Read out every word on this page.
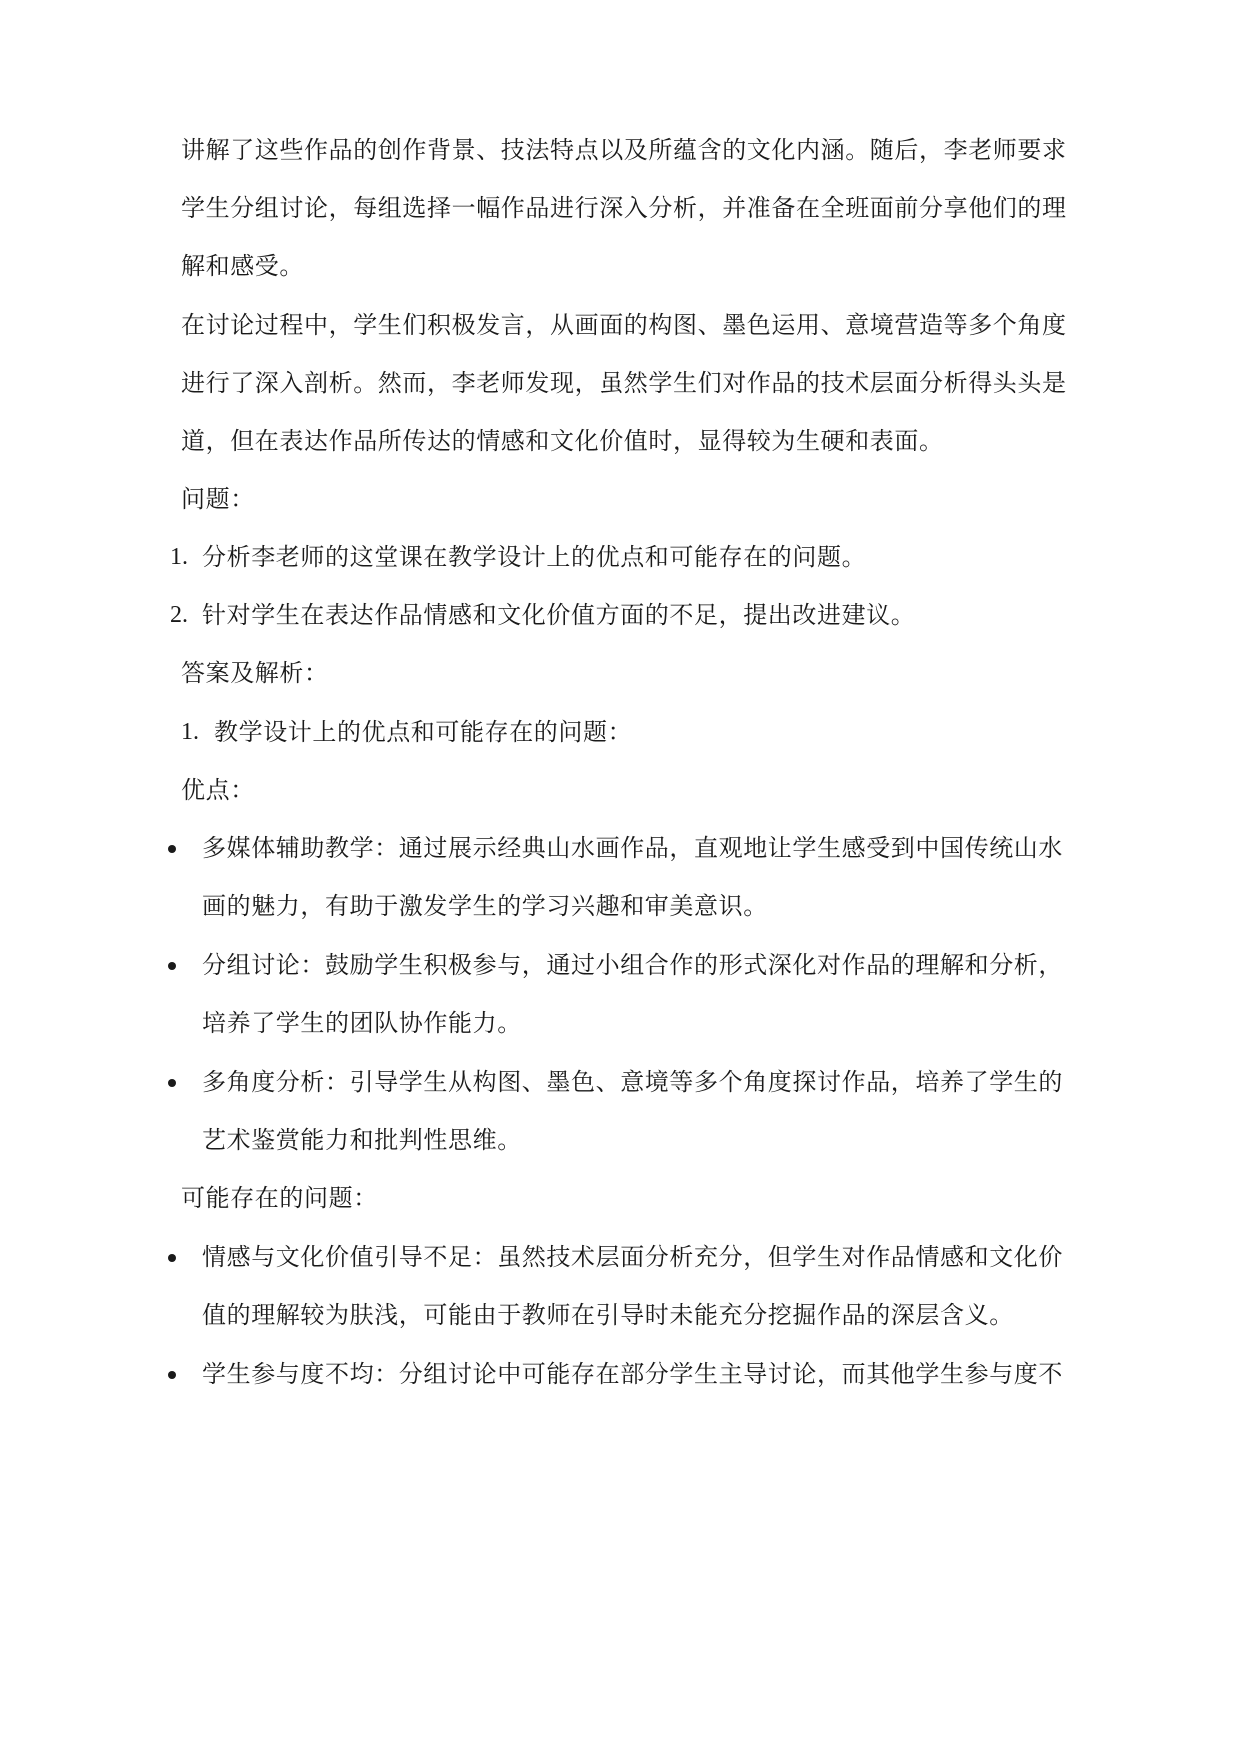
讲解了这些作品的创作背景、技法特点以及所蕴含的文化内涵。随后，李老师要求
学生分组讨论，每组选择一幅作品进行深入分析，并准备在全班面前分享他们的理
解和感受。
在讨论过程中，学生们积极发言，从画面的构图、墨色运用、意境营造等多个角度
进行了深入剖析。然而，李老师发现，虽然学生们对作品的技术层面分析得头头是
道，但在表达作品所传达的情感和文化价值时，显得较为生硬和表面。
问题：
1. 分析李老师的这堂课在教学设计上的优点和可能存在的问题。
2. 针对学生在表达作品情感和文化价值方面的不足，提出改进建议。
答案及解析：
1. 教学设计上的优点和可能存在的问题：
优点：
多媒体辅助教学：通过展示经典山水画作品，直观地让学生感受到中国传统山水
画的魅力，有助于激发学生的学习兴趣和审美意识。
分组讨论：鼓励学生积极参与，通过小组合作的形式深化对作品的理解和分析，
培养了学生的团队协作能力。
多角度分析：引导学生从构图、墨色、意境等多个角度探讨作品，培养了学生的
艺术鉴赏能力和批判性思维。
可能存在的问题：
情感与文化价值引导不足：虽然技术层面分析充分，但学生对作品情感和文化价
值的理解较为肤浅，可能由于教师在引导时未能充分挖掘作品的深层含义。
学生参与度不均：分组讨论中可能存在部分学生主导讨论，而其他学生参与度不
